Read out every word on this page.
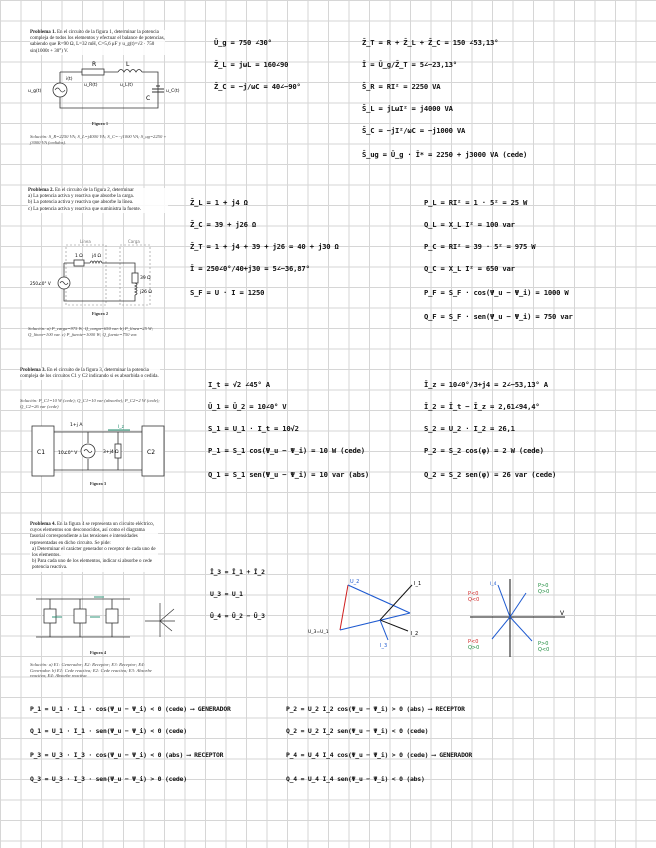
Problema 1. En el circuito de la figura 1, determinar la potencia compleja de todos los elementos y efectuar el balance de potencias, sabiendo que R=90 Ω, L=32 mH, C=5,6 μF y u_g(t)=√2 · 750 sin(1000t + 30°) V.
R	L
C
i(t)
u_g(t)
u_R(t)	u_L(t)
u_C(t)
Figura 1
Solución: S_R=2250 VA; S_L=j4000 VA; S_C=−j1000 VA; S_ug=2250 + j3000 VA (cedidos).
Ū_g = 750 ∠30°
Z̄_L = jωL = 160∠90
Z̄_C = −j/ωC = 40∠−90°
Z̄_T = R + Z̄_L + Z̄_C = 150 ∠53,13°
Ī = Ū_g/Z̄_T = 5∠−23,13°
S̄_R = RI² = 2250 VA
S̄_L = jLωI² = j4000 VA
S̄_C = −jI²/ωC = −j1000 VA
S̄_ug = Ū_g · Ī* = 2250 + j3000 VA (cede)
Problema 2. En el circuito de la figura 2, determinar
a) La potencia activa y reactiva que absorbe la carga.
b) La potencia activa y reactiva que absorbe la línea.
c) La potencia activa y reactiva que suministra la fuente.
Línea	Carga
1 Ω j4 Ω
39 Ω
j26 Ω
250∠0° V
Figura 2
Solución: a) P_carga=975 W; Q_carga=650 var. b) P_línea=25 W; Q_línea=100 var. c) P_fuente=1000 W; Q_fuente=750 var.
Z̄_L = 1 + j4 Ω
Z̄_C = 39 + j26 Ω
Z̄_T = 1 + j4 + 39 + j26 = 40 + j30 Ω
Ī = 250∠0°/40+j30 = 5∠−36,87°
S_F = U · I = 1250
P_L = RI² = 1 · 5² = 25 W
Q_L = X_L I² = 100 var
P_C = RI² = 39 · 5² = 975 W
Q_C = X_L I² = 650 var
P_F = S_F · cos(Ψ_u − Ψ_i) = 1000 W
Q_F = S_F · sen(Ψ_u − Ψ_i) = 750 var
Problema 3. En el circuito de la figura 3, determinar la potencia compleja de los circuitos C1 y C2 indicando si es absorbida o cedida.
Solución: P_C1=10 W (cede); Q_C1=10 var (absorbe); P_C2=2 W (cede); Q_C2=26 var (cede)
C1	C2
10∠0° V	3+j4 Ω
1+j A	I_z
Figura 3
I_t = √2 ∠45° A
Ū_1 = Ū_2 = 10∠0° V
S_1 = U_1 · I_t = 10√2
P_1 = S_1 cos(Ψ_u − Ψ_i) = 10 W (cede)
Q_1 = S_1 sen(Ψ_u − Ψ_i) = 10 var (abs)
Ī_z = 10∠0°/3+j4 = 2∠−53,13° A
Ī_2 = Ī_t − Ī_z = 2,61∠94,4°
S_2 = U_2 · I_2 = 26,1
P_2 = S_2 cos(φ) = 2 W (cede)
Q_2 = S_2 sen(φ) = 26 var (cede)
Problema 4. En la figura 4 se representa un circuito eléctrico, cuyos elementos son desconocidos, así como el diagrama fasorial correspondiente a las tensiones e intensidades representadas en dicho circuito. Se pide:
a) Determinar el carácter generador o receptor de cada uno de los elementos.
b) Para cada uno de los elementos, indicar si absorbe o cede potencia reactiva.
Figura 4
Solución: a) E1: Generador; E2: Receptor; E3: Receptor; E4: Generador. b) E1: Cede reactiva; E2: Cede reactiva; E3: Absorbe reactiva; E4: Absorbe reactiva
Ī_3 = Ī_1 + Ī_2
U_3 = U_1
Ū_4 = Ū_2 − Ū_3
U_2	I_1
I_2
I_3
U_3=U_1
P<0
Q<0
P>0
Q>0
P<0
Q>0
P>0
Q<0
V
I_4
P_1 = U_1 · I_1 · cos(Ψ_u − Ψ_i) < 0 (cede) ⟶ GENERADOR
Q_1 = U_1 · I_1 · sen(Ψ_u − Ψ_i) < 0 (cede)
P_3 = U_3 · I_3 · cos(Ψ_u − Ψ_i) < 0 (abs) ⟶ RECEPTOR
Q_3 = U_3 · I_3 · sen(Ψ_u − Ψ_i) > 0 (cede)
P_2 = U_2 I_2 cos(Ψ_u − Ψ_i) > 0 (abs) ⟶ RECEPTOR
Q_2 = U_2 I_2 sen(Ψ_u − Ψ_i) < 0 (cede)
P_4 = U_4 I_4 cos(Ψ_u − Ψ_i) > 0 (cede) ⟶ GENERADOR
Q_4 = U_4 I_4 sen(Ψ_u − Ψ_i) < 0 (abs)
